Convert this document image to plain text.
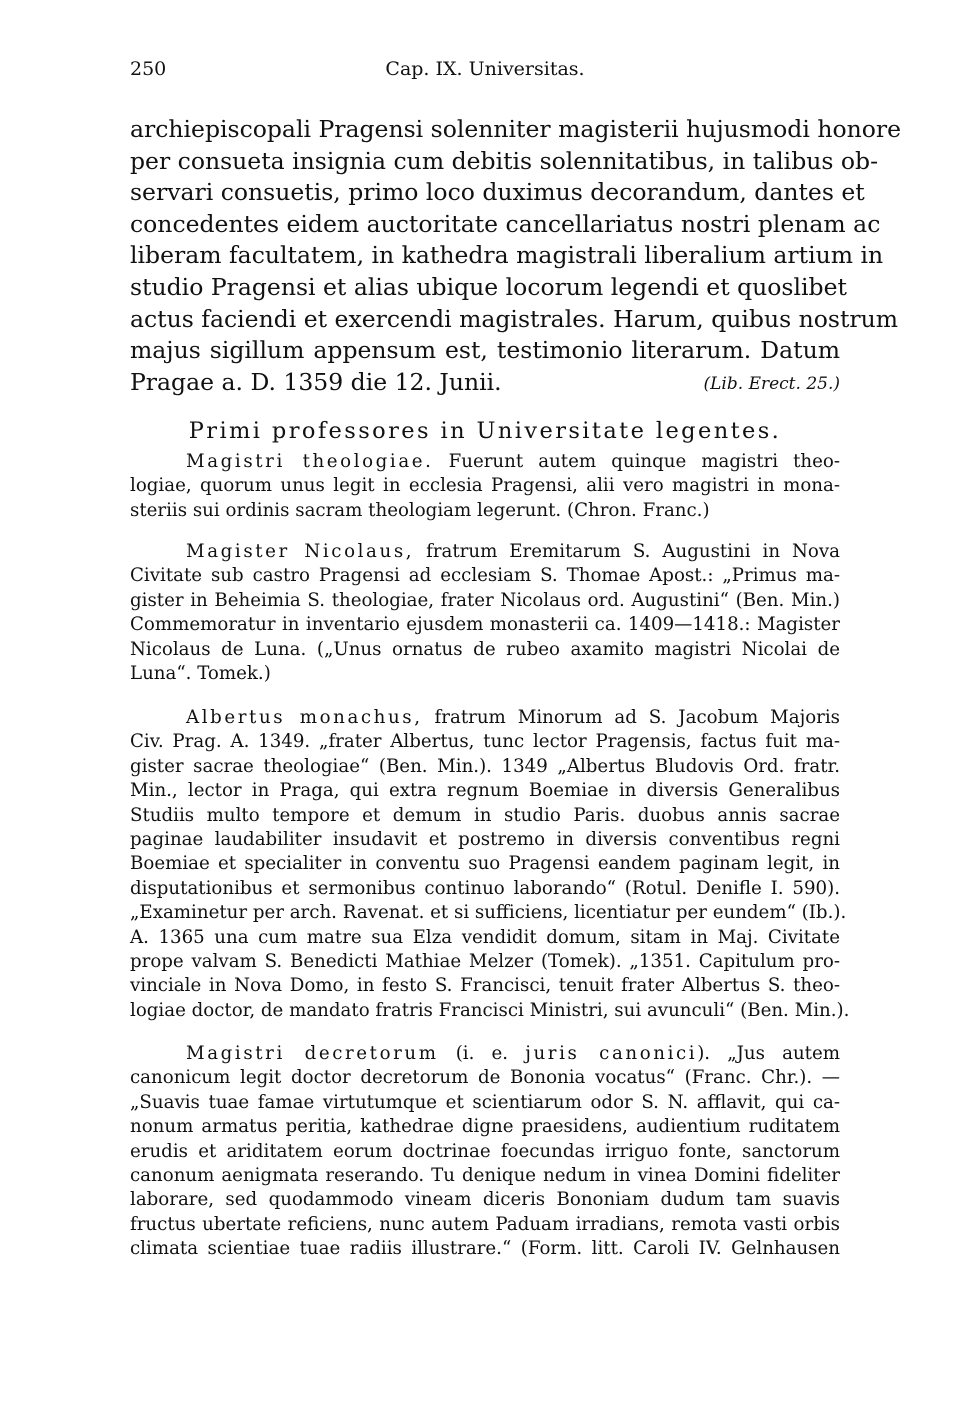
250	Cap. IX. Universitas.
archiepiscopali Pragensi solenniter magisterii hujusmodi honore
per consueta insignia cum debitis solennitatibus, in talibus ob-
servari consuetis, primo loco duximus decorandum, dantes et
concedentes eidem auctoritate cancellariatus nostri plenam ac
liberam facultatem, in kathedra magistrali liberalium artium in
studio Pragensi et alias ubique locorum legendi et quoslibet
actus faciendi et exercendi magistrales. Harum, quibus nostrum
majus sigillum appensum est, testimonio literarum. Datum
Pragae a. D. 1359 die 12. Junii.	(Lib. Erect. 25.)
Primi professores in Universitate legentes.
Magistri theologiae. Fuerunt autem quinque magistri theo-
logiae, quorum unus legit in ecclesia Pragensi, alii vero magistri in mona-
steriis sui ordinis sacram theologiam legerunt. (Chron. Franc.)
Magister Nicolaus, fratrum Eremitarum S. Augustini in Nova
Civitate sub castro Pragensi ad ecclesiam S. Thomae Apost.: „Primus ma-
gister in Beheimia S. theologiae, frater Nicolaus ord. Augustini“ (Ben. Min.)
Commemoratur in inventario ejusdem monasterii ca. 1409—1418.: Magister
Nicolaus de Luna. („Unus ornatus de rubeo axamito magistri Nicolai de
Luna“. Tomek.)
Albertus monachus, fratrum Minorum ad S. Jacobum Majoris
Civ. Prag. A. 1349. „frater Albertus, tunc lector Pragensis, factus fuit ma-
gister sacrae theologiae“ (Ben. Min.). 1349 „Albertus Bludovis Ord. fratr.
Min., lector in Praga, qui extra regnum Boemiae in diversis Generalibus
Studiis multo tempore et demum in studio Paris. duobus annis sacrae
paginae laudabiliter insudavit et postremo in diversis conventibus regni
Boemiae et specialiter in conventu suo Pragensi eandem paginam legit, in
disputationibus et sermonibus continuo laborando“ (Rotul. Denifle I. 590).
„Examinetur per arch. Ravenat. et si sufficiens, licentiatur per eundem“ (Ib.).
A. 1365 una cum matre sua Elza vendidit domum, sitam in Maj. Civitate
prope valvam S. Benedicti Mathiae Melzer (Tomek). „1351. Capitulum pro-
vinciale in Nova Domo, in festo S. Francisci, tenuit frater Albertus S. theo-
logiae doctor, de mandato fratris Francisci Ministri, sui avunculi“ (Ben. Min.).
Magistri decretorum (i. e. juris canonici). „Jus autem
canonicum legit doctor decretorum de Bononia vocatus“ (Franc. Chr.). —
„Suavis tuae famae virtutumque et scientiarum odor S. N. afflavit, qui ca-
nonum armatus peritia, kathedrae digne praesidens, audientium ruditatem
erudis et ariditatem eorum doctrinae foecundas irriguo fonte, sanctorum
canonum aenigmata reserando. Tu denique nedum in vinea Domini fideliter
laborare, sed quodammodo vineam diceris Bononiam dudum tam suavis
fructus ubertate reficiens, nunc autem Paduam irradians, remota vasti orbis
climata scientiae tuae radiis illustrare.“ (Form. litt. Caroli IV. Gelnhausen
